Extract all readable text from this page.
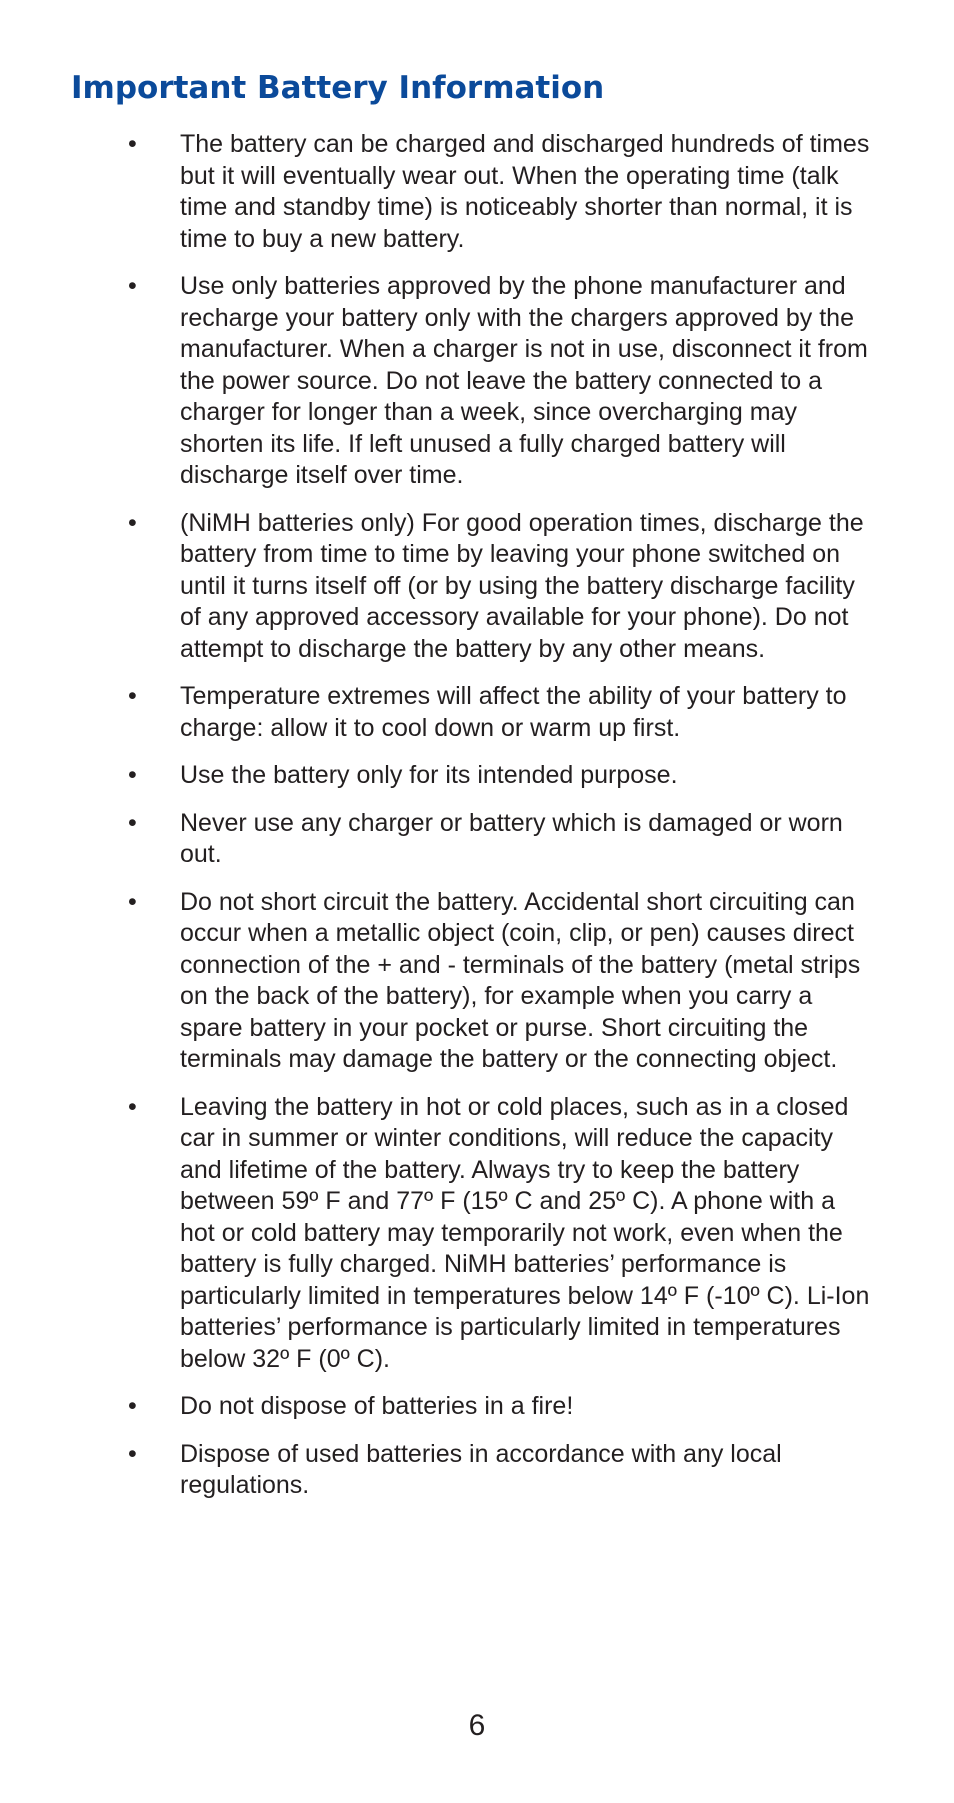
Important Battery Information
• The battery can be charged and discharged hundreds of times but it will eventually wear out. When the operating time (talk time and standby time) is noticeably shorter than normal, it is time to buy a new battery.
• Use only batteries approved by the phone manufacturer and recharge your battery only with the chargers approved by the manufacturer. When a charger is not in use, disconnect it from the power source. Do not leave the battery connected to a charger for longer than a week, since overcharging may shorten its life. If left unused a fully charged battery will discharge itself over time.
• (NiMH batteries only) For good operation times, discharge the battery from time to time by leaving your phone switched on until it turns itself off (or by using the battery discharge facility of any approved accessory available for your phone). Do not attempt to discharge the battery by any other means.
• Temperature extremes will affect the ability of your battery to charge: allow it to cool down or warm up first.
• Use the battery only for its intended purpose.
• Never use any charger or battery which is damaged or worn out.
• Do not short circuit the battery. Accidental short circuiting can occur when a metallic object (coin, clip, or pen) causes direct connection of the + and - terminals of the battery (metal strips on the back of the battery), for example when you carry a spare battery in your pocket or purse. Short circuiting the terminals may damage the battery or the connecting object.
• Leaving the battery in hot or cold places, such as in a closed car in summer or winter conditions, will reduce the capacity and lifetime of the battery. Always try to keep the battery between 59º F and 77º F (15º C and 25º C). A phone with a hot or cold battery may temporarily not work, even when the battery is fully charged. NiMH batteries’ performance is particularly limited in temperatures below 14º F (-10º C). Li-Ion batteries’ performance is particularly limited in temperatures below 32º F (0º C).
• Do not dispose of batteries in a fire!
• Dispose of used batteries in accordance with any local regulations.
6
